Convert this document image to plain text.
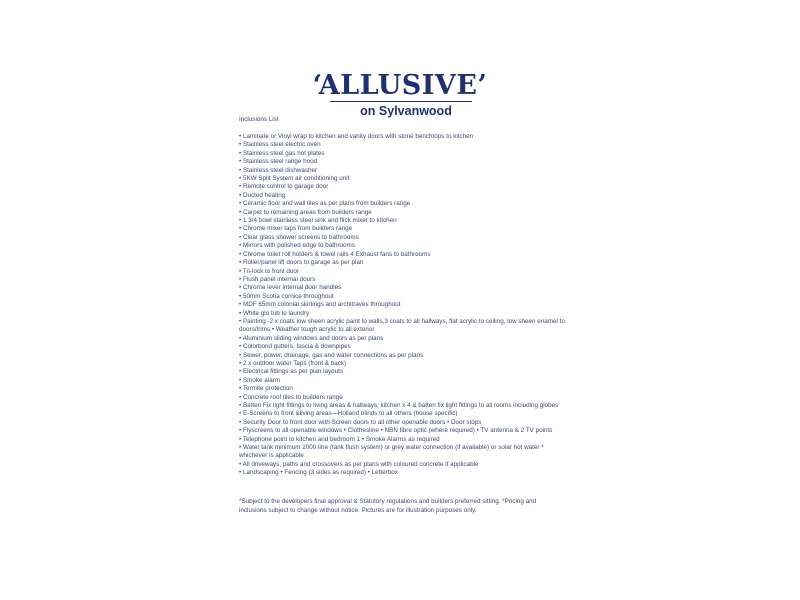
‘ALLUSIVE’
on Sylvanwood
Inclusions List
• Laminate or Vinyl wrap to kitchen and vanity doors with stone benchtops to kitchen
• Stainless steel electric oven
• Stainless steel gas hot plates
• Stainless steel range hood
• Stainless steel dishwasher
• 5KW Split System air conditioning unit
• Remote control to garage door
• Ducted heating
• Ceramic floor and wall tiles as per plans from builders range
• Carpet to remaining areas from builders range
• 1 3/4 bowl stainless steel sink and flick mixer to kitchen
• Chrome mixer taps from builders range
• Clear glass shower screens to bathrooms
• Mirrors with polished edge to bathrooms
• Chrome toilet roll holders & towel rails 4 Exhaust fans to bathrooms
• Roller/panel lift doors to garage as per plan
• Tri-lock to front door
• Flush panel internal doors
• Chrome lever internal door handles
• 50mm Scotia cornice throughout
• MDF 65mm colonial skirtings and architraves throughout
• White glo tub to laundry
• Painting -2 x coats low sheen acrylic paint to walls,3 coats to all hallways, flat acrylic to ceiling, low sheen enamel to doors/trims • Weather tough acrylic to all exterior
• Aluminium sliding windows and doors as per plans
• Colorbond gutters, fascia & downpipes
• Sewer, power, drainage, gas and water connections as per plans
• 2 x outdoor water Taps (front & back)
• Electrical fittings as per plan layouts
• Smoke alarm
• Termite protection
• Concrete roof tiles to builders range
• Batten Fix light fittings to living areas & hallways, kitchen x 4 & batten fix light fittings to all rooms including globes
• E-Screens to front &living areas—Holland blinds to all others (house specific)
• Security Door to front door with Screen doors to all other openable doors • Door stops
• Flyscreens to all openable windows • Clothesline • NBN fibre optic (where required) • TV antenna & 2 TV points
• Telephone point to kitchen and bedroom 1 • Smoke Alarms as required
• Water tank minimum 2000 litre (tank flush system) or grey water connection (if available) or solar hot water * whichever is applicable
• All driveways, paths and crossovers as per plans with coloured concrete if applicable
• Landscaping • Fencing (3 sides as required) • Letterbox
*Subject to the developers final approval & Statutory regulations and builders preferred sitting. *Pricing and inclusions subject to change without notice. Pictures are for illustration purposes only.
